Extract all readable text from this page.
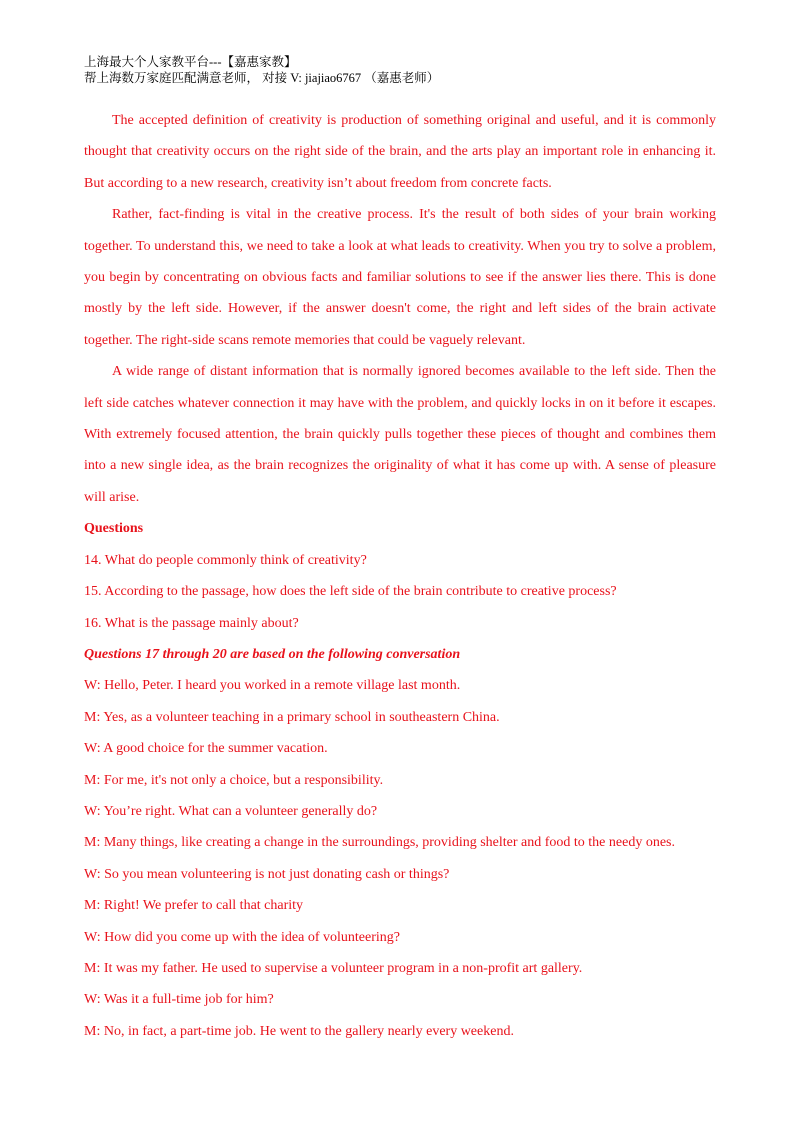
上海最大个人家教平台---【嘉惠家教】
帮上海数万家庭匹配满意老师， 对接 V: jiajiao6767 （嘉惠老师）

The accepted definition of creativity is production of something original and useful, and it is commonly thought that creativity occurs on the right side of the brain, and the arts play an important role in enhancing it. But according to a new research, creativity isn’t about freedom from concrete facts.

Rather, fact-finding is vital in the creative process. It's the result of both sides of your brain working together. To understand this, we need to take a look at what leads to creativity. When you try to solve a problem, you begin by concentrating on obvious facts and familiar solutions to see if the answer lies there. This is done mostly by the left side. However, if the answer doesn't come, the right and left sides of the brain activate together. The right-side scans remote memories that could be vaguely relevant.

A wide range of distant information that is normally ignored becomes available to the left side. Then the left side catches whatever connection it may have with the problem, and quickly locks in on it before it escapes. With extremely focused attention, the brain quickly pulls together these pieces of thought and combines them into a new single idea, as the brain recognizes the originality of what it has come up with. A sense of pleasure will arise.

Questions

14. What do people commonly think of creativity?

15. According to the passage, how does the left side of the brain contribute to creative process?

16. What is the passage mainly about?

Questions 17 through 20 are based on the following conversation

W: Hello, Peter. I heard you worked in a remote village last month.

M: Yes, as a volunteer teaching in a primary school in southeastern China.

W: A good choice for the summer vacation.

M: For me, it's not only a choice, but a responsibility.

W: You’re right. What can a volunteer generally do?

M: Many things, like creating a change in the surroundings, providing shelter and food to the needy ones.

W: So you mean volunteering is not just donating cash or things?

M: Right! We prefer to call that charity

W: How did you come up with the idea of volunteering?

M: It was my father. He used to supervise a volunteer program in a non-profit art gallery.

W: Was it a full-time job for him?

M: No, in fact, a part-time job. He went to the gallery nearly every weekend.
